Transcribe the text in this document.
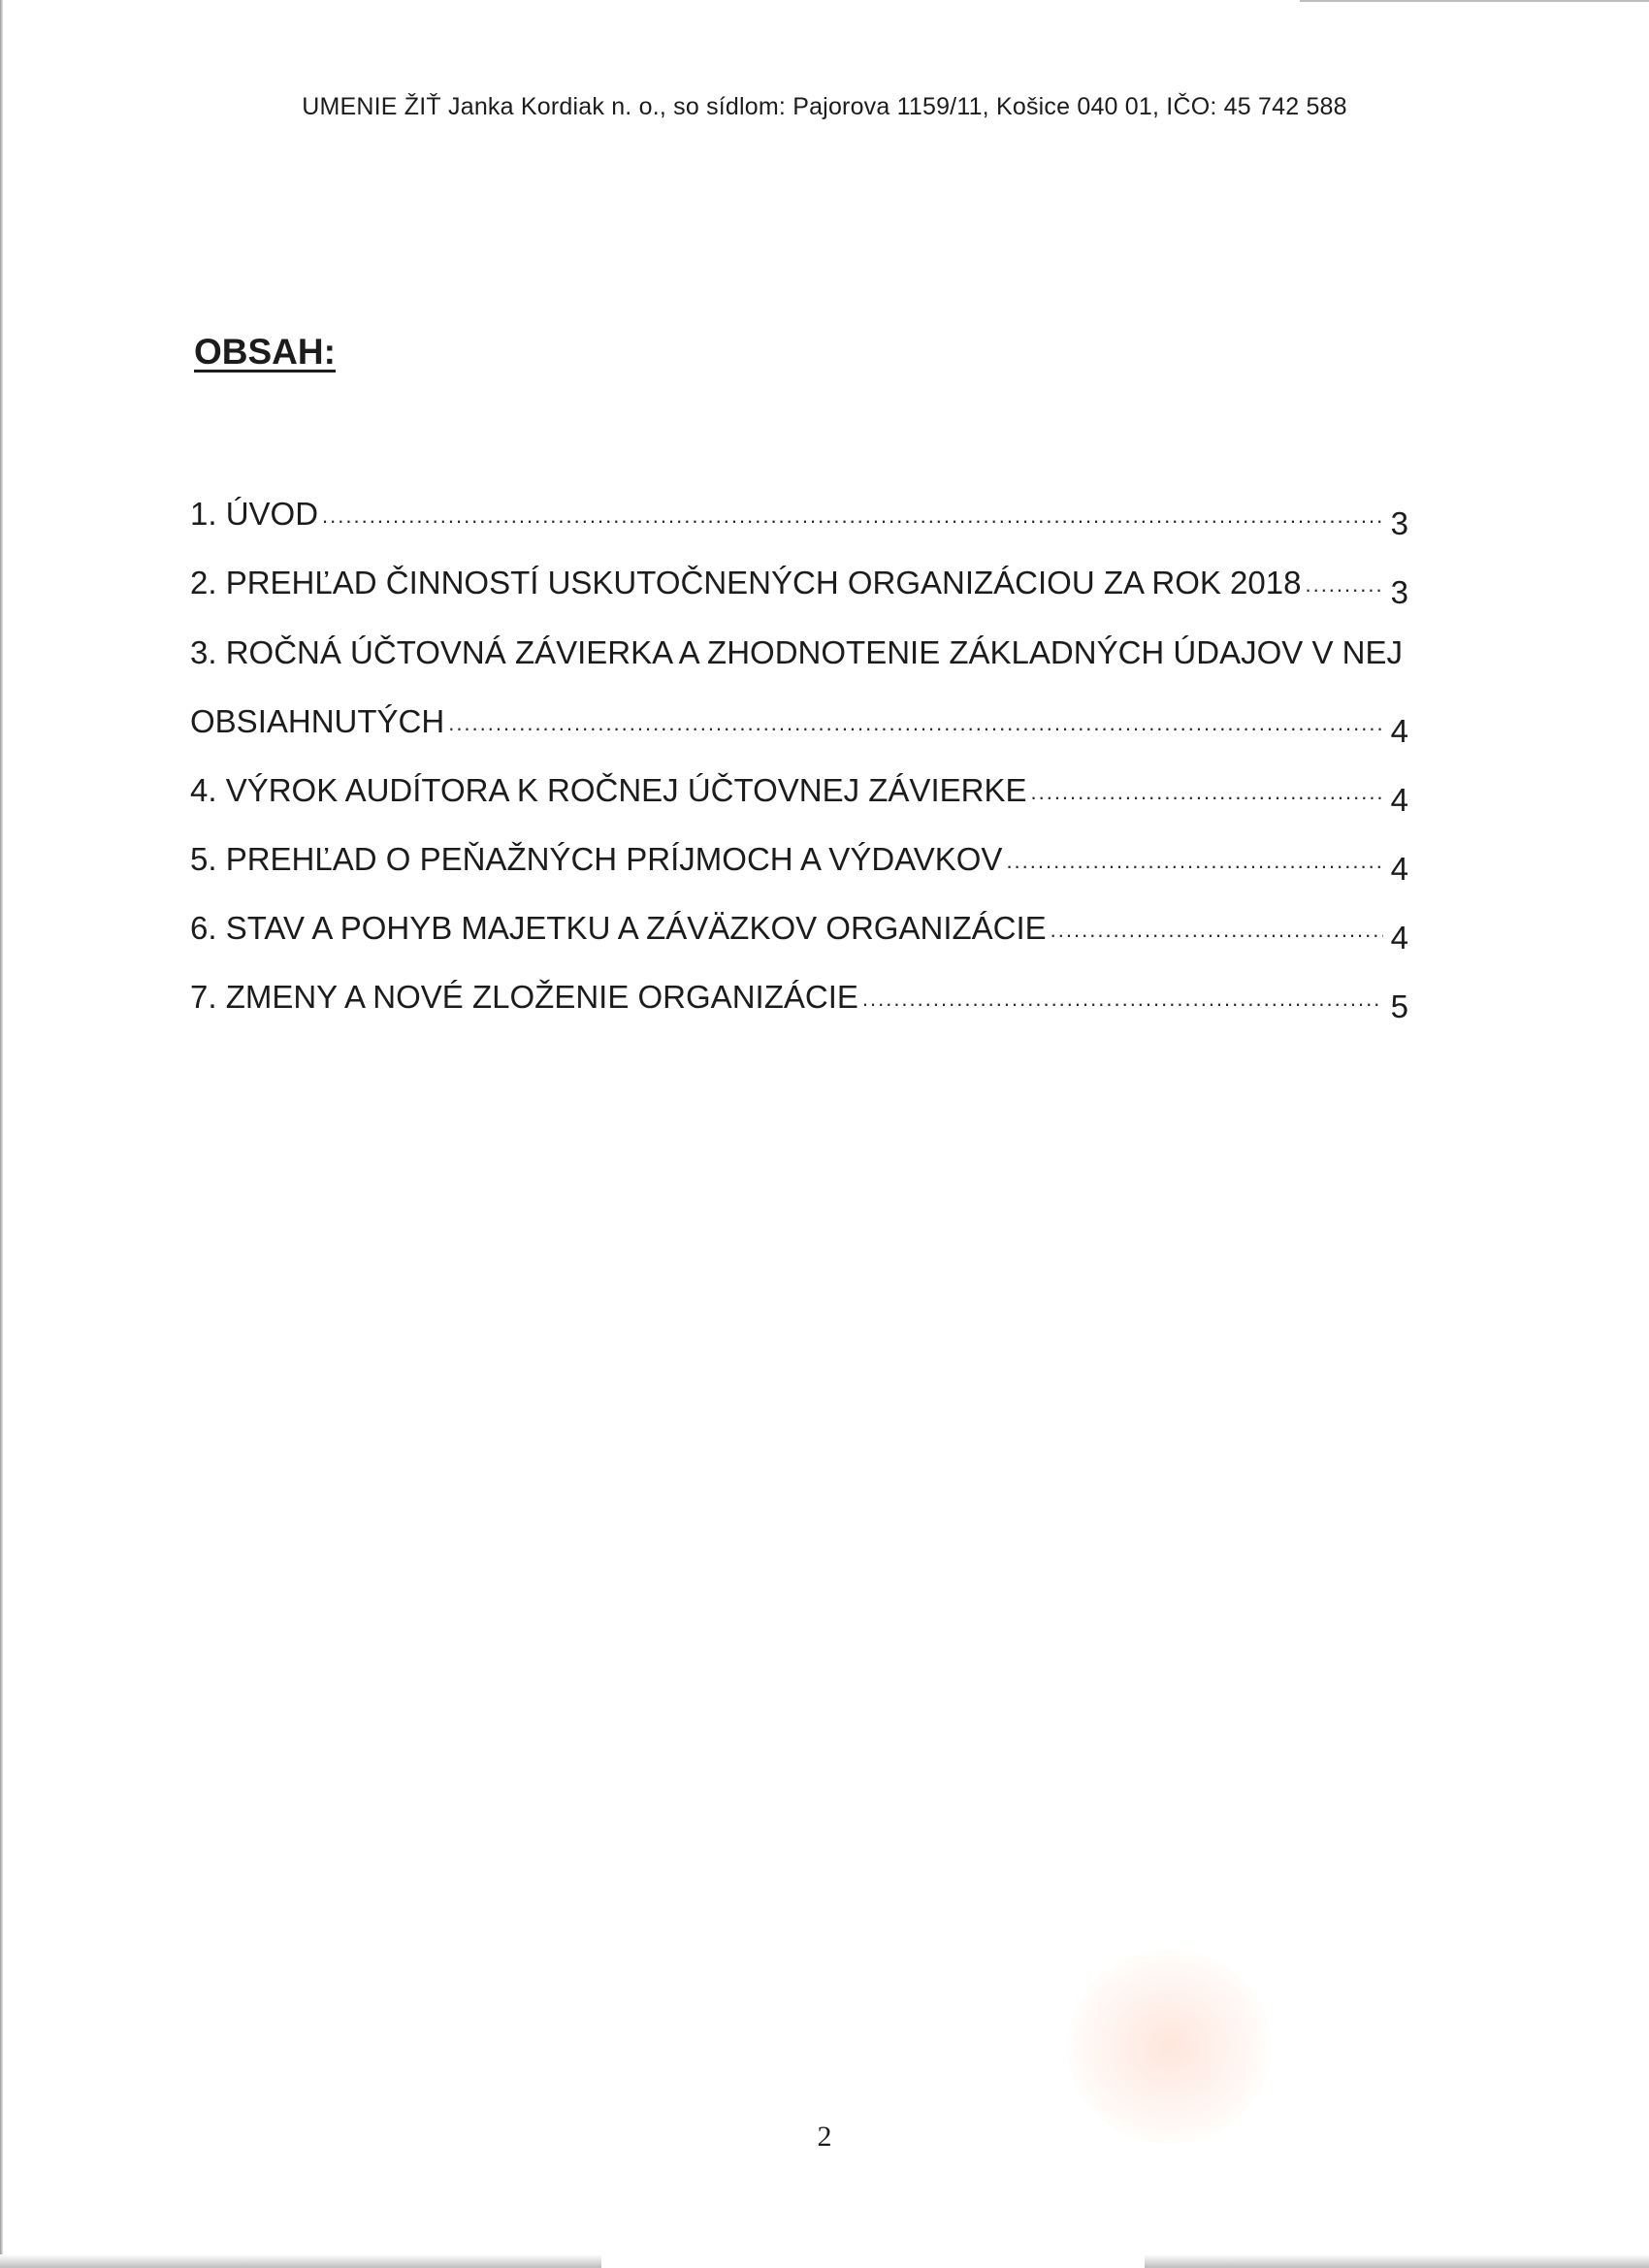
UMENIE ŽIŤ Janka Kordiak n. o., so sídlom: Pajorova 1159/11, Košice 040 01, IČO: 45 742 588
OBSAH:
1. ÚVOD .....	3
2. PREHĽAD ČINNOSTÍ USKUTOČNENÝCH ORGANIZÁCIOU ZA ROK 2018 .....	3
3. ROČNÁ ÚČTOVNÁ ZÁVIERKA A ZHODNOTENIE ZÁKLADNÝCH ÚDAJOV V NEJ
OBSIAHNUTÝCH .....	4
4. VÝROK AUDÍTORA K ROČNEJ ÚČTOVNEJ ZÁVIERKE .....	4
5. PREHĽAD O PEŇAŽNÝCH PRÍJMOCH A VÝDAVKOV .....	4
6. STAV A POHYB MAJETKU A ZÁVÄZKOV ORGANIZÁCIE .....	4
7. ZMENY A NOVÉ ZLOŽENIE ORGANIZÁCIE .....	5
2
